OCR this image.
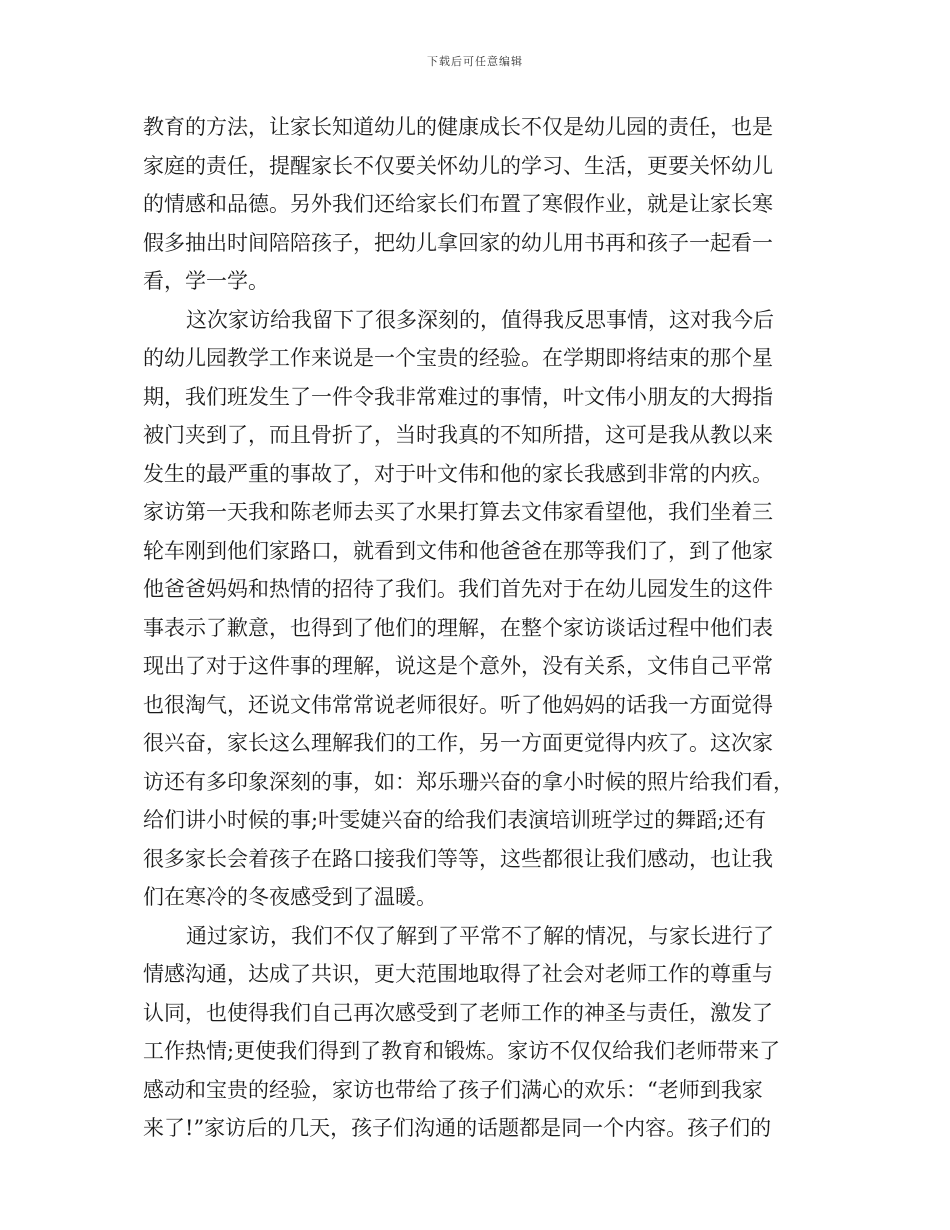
下载后可任意编辑
教育的方法，让家长知道幼儿的健康成长不仅是幼儿园的责任，也是
家庭的责任，提醒家长不仅要关怀幼儿的学习、生活，更要关怀幼儿
的情感和品德。另外我们还给家长们布置了寒假作业，就是让家长寒
假多抽出时间陪陪孩子，把幼儿拿回家的幼儿用书再和孩子一起看一
看，学一学。
这次家访给我留下了很多深刻的，值得我反思事情，这对我今后
的幼儿园教学工作来说是一个宝贵的经验。在学期即将结束的那个星
期，我们班发生了一件令我非常难过的事情，叶文伟小朋友的大拇指
被门夹到了，而且骨折了，当时我真的不知所措，这可是我从教以来
发生的最严重的事故了，对于叶文伟和他的家长我感到非常的内疚。
家访第一天我和陈老师去买了水果打算去文伟家看望他，我们坐着三
轮车刚到他们家路口，就看到文伟和他爸爸在那等我们了，到了他家
他爸爸妈妈和热情的招待了我们。我们首先对于在幼儿园发生的这件
事表示了歉意，也得到了他们的理解，在整个家访谈话过程中他们表
现出了对于这件事的理解，说这是个意外，没有关系，文伟自己平常
也很淘气，还说文伟常常说老师很好。听了他妈妈的话我一方面觉得
很兴奋，家长这么理解我们的工作，另一方面更觉得内疚了。这次家
访还有多印象深刻的事，如：郑乐珊兴奋的拿小时候的照片给我们看，
给们讲小时候的事;叶雯婕兴奋的给我们表演培训班学过的舞蹈;还有
很多家长会着孩子在路口接我们等等，这些都很让我们感动，也让我
们在寒冷的冬夜感受到了温暖。
通过家访，我们不仅了解到了平常不了解的情况，与家长进行了
情感沟通，达成了共识，更大范围地取得了社会对老师工作的尊重与
认同，也使得我们自己再次感受到了老师工作的神圣与责任，激发了
工作热情;更使我们得到了教育和锻炼。家访不仅仅给我们老师带来了
感动和宝贵的经验，家访也带给了孩子们满心的欢乐：“老师到我家
来了!”家访后的几天，孩子们沟通的话题都是同一个内容。孩子们的
